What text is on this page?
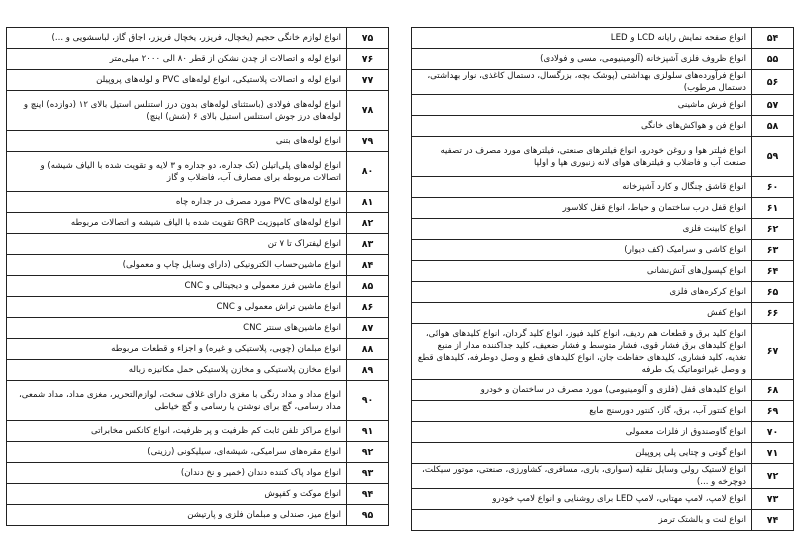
انواع لوازم خانگی حجیم (یخچال، فریزر، یخچال فریزر، اجاق گاز، لباسشویی و ...)	۷۵
انواع لوله و اتصالات از چدن نشکن از قطر ۸۰ الی ۲۰۰۰ میلی‌متر	۷۶
انواع لوله و اتصالات پلاستیکی، انواع لوله‌های PVC و لوله‌های پروپیلن	۷۷
انواع لوله‌های فولادی (باستثنای لوله‌های بدون درز استنلس استیل بالای ۱۲ (دوازده) اینچ و لوله‌های درز جوش استنلس استیل بالای ۶ (شش) اینچ)	۷۸
انواع لوله‌های بتنی	۷۹
انواع لوله‌های پلی‌اتیلن (تک جداره، دو جداره و ۳ لایه و تقویت شده با الیاف شیشه) و اتصالات مربوطه برای مصارف آب، فاضلاب و گاز	۸۰
انواع لوله‌های PVC مورد مصرف در جداره چاه	۸۱
انواع لوله‌های کامپوزیت GRP تقویت شده با الیاف شیشه و اتصالات مربوطه	۸۲
انواع لیفتراک تا ۷ تن	۸۳
انواع ماشین‌حساب الکترونیکی (دارای وسایل چاپ و معمولی)	۸۴
انواع ماشین فرز معمولی و دیجیتالی و CNC	۸۵
انواع ماشین تراش معمولی و CNC	۸۶
انواع ماشین‌های سنتر CNC	۸۷
انواع مبلمان (چوبی، پلاستیکی و غیره) و اجزاء و قطعات مربوطه	۸۸
انواع مخازن پلاستیکی و مخازن پلاستیکی حمل مکانیزه زباله	۸۹
انواع مداد و مداد رنگی با مغزی دارای غلاف سخت، لوازم‌التحریر، مغزی مداد، مداد شمعی، مداد رسامی، گچ برای نوشتن یا رسامی و گچ خیاطی	۹۰
انواع مراکز تلفن ثابت کم ظرفیت و پر ظرفیت، انواع کانکس مخابراتی	۹۱
انواع مقره‌های سرامیکی، شیشه‌ای، سیلیکونی (رزینی)	۹۲
انواع مواد پاک کننده دندان (خمیر و نخ دندان)	۹۳
انواع موکت و کفپوش	۹۴
انواع میز، صندلی و مبلمان فلزی و پارتیشن	۹۵
انواع صفحه نمایش رایانه LCD و LED	۵۴
انواع ظروف فلزی آشپزخانه (آلومینیومی، مسی و فولادی)	۵۵
انواع فرآورده‌های سلولزی بهداشتی (پوشک بچه، بزرگسال، دستمال کاغذی، نوار بهداشتی، دستمال مرطوب)	۵۶
انواع فرش ماشینی	۵۷
انواع فن و هواکش‌های خانگی	۵۸
انواع فیلتر هوا و روغن خودرو، انواع فیلترهای صنعتی، فیلترهای مورد مصرف در تصفیه صنعت آب و فاضلاب و فیلترهای هوای لانه زنبوری هپا و اولپا	۵۹
انواع قاشق چنگال و کارد آشپزخانه	۶۰
انواع قفل درب ساختمان و حیاط، انواع قفل کلاسور	۶۱
انواع کابینت فلزی	۶۲
انواع کاشی و سرامیک (کف دیوار)	۶۳
انواع کپسول‌های آتش‌نشانی	۶۴
انواع کرکره‌های فلزی	۶۵
انواع کفش	۶۶
انواع کلید برق و قطعات هم ردیف، انواع کلید فیوز، انواع کلید گردان، انواع کلیدهای هوائی، انواع کلیدهای برق فشار قوی، فشار متوسط و فشار ضعیف، کلید جداکننده مدار از منبع تغذیه، کلید فشاری، کلیدهای حفاظت جان، انواع کلیدهای قطع و وصل دوطرفه، کلیدهای قطع و وصل غیراتوماتیک یک طرفه	۶۷
انواع کلیدهای قفل (فلزی و آلومینیومی) مورد مصرف در ساختمان و خودرو	۶۸
انواع کنتور آب، برق، گاز، کنتور دورسنج مایع	۶۹
انواع گاوصندوق از فلزات معمولی	۷۰
انواع گونی و چتایی پلی پروپیلن	۷۱
انواع لاستیک رولی وسایل نقلیه (سواری، باری، مسافری، کشاورزی، صنعتی، موتور سیکلت، دوچرخه و ...)	۷۲
انواع لامپ، لامپ مهتابی، لامپ LED برای روشنایی و انواع لامپ خودرو	۷۳
انواع لنت و بالشتک ترمز	۷۴
